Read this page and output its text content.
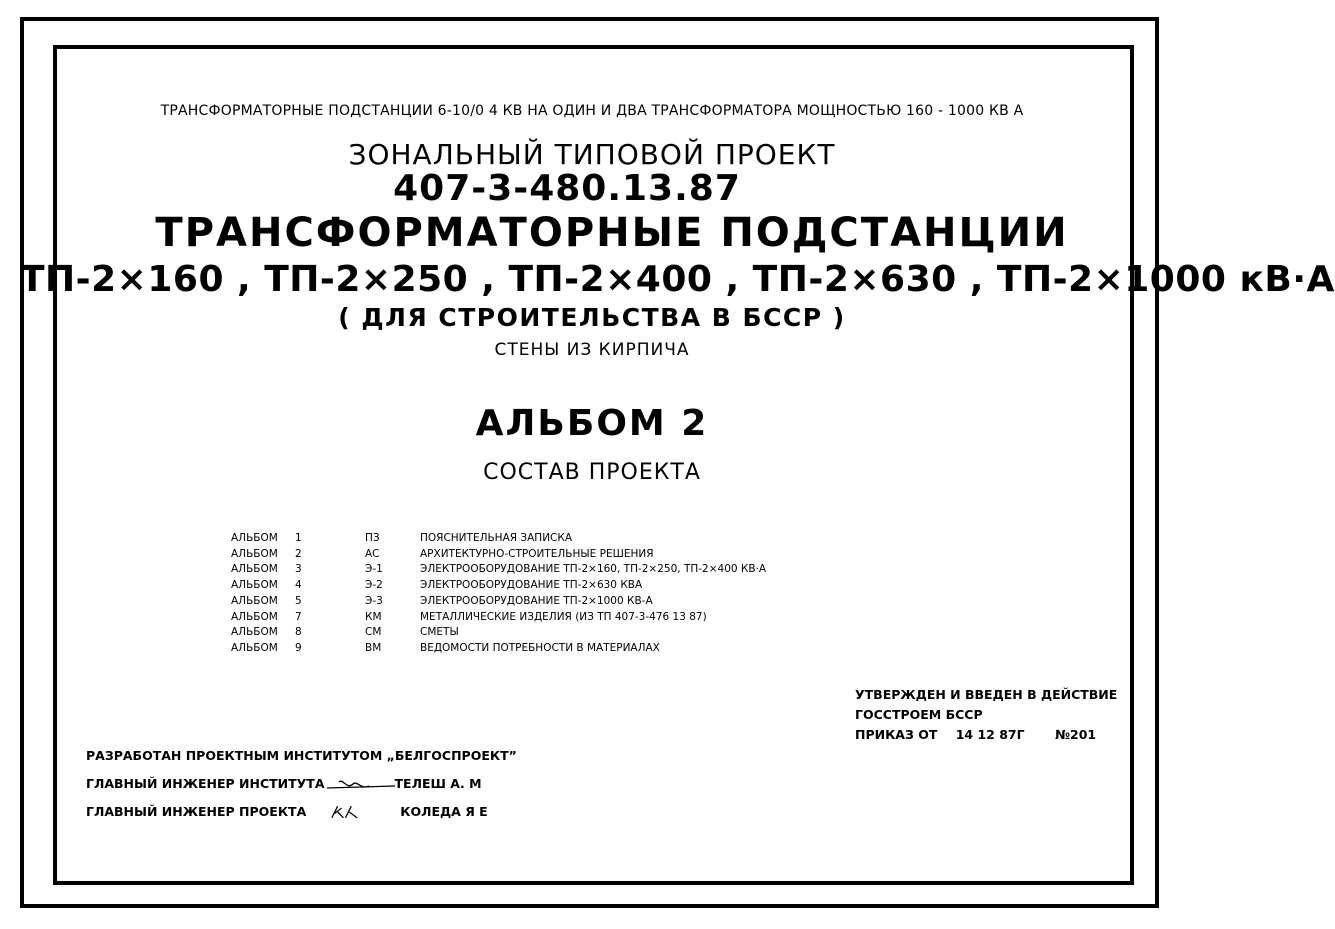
ТРАНСФОРМАТОРНЫЕ ПОДСТАНЦИИ 6-10/0 4 КВ НА ОДИН И ДВА ТРАНСФОРМАТОРА МОЩНОСТЬЮ 160 - 1000 КВ А
ЗОНАЛЬНЫЙ ТИПОВОЙ ПРОЕКТ
407-3-480.13.87
ТРАНСФОРМАТОРНЫЕ ПОДСТАНЦИИ
ТП-2×160 , ТП-2×250 , ТП-2×400 , ТП-2×630 , ТП-2×1000 кВ·А
( ДЛЯ СТРОИТЕЛЬСТВА В БССР )
СТЕНЫ ИЗ КИРПИЧА
АЛЬБОМ 2
СОСТАВ ПРОЕКТА
АЛЬБОМ	1	ПЗ	ПОЯСНИТЕЛЬНАЯ ЗАПИСКА
АЛЬБОМ	2	АС	АРХИТЕКТУРНО-СТРОИТЕЛЬНЫЕ РЕШЕНИЯ
АЛЬБОМ	3	Э-1	ЭЛЕКТРООБОРУДОВАНИЕ ТП-2×160, ТП-2×250, ТП-2×400 КВ·А
АЛЬБОМ	4	Э-2	ЭЛЕКТРООБОРУДОВАНИЕ ТП-2×630 КВА
АЛЬБОМ	5	Э-3	ЭЛЕКТРООБОРУДОВАНИЕ ТП-2×1000 КВ-А
АЛЬБОМ	7	КМ	МЕТАЛЛИЧЕСКИЕ ИЗДЕЛИЯ (ИЗ ТП 407-3-476 13 87)
АЛЬБОМ	8	СМ	СМЕТЫ
АЛЬБОМ	9	ВМ	ВЕДОМОСТИ ПОТРЕБНОСТИ В МАТЕРИАЛАХ
УТВЕРЖДЕН И ВВЕДЕН В ДЕЙСТВИЕ
ГОССТРОЕМ БССР
ПРИКАЗ ОТ 14 12 87Г №201
РАЗРАБОТАН ПРОЕКТНЫМ ИНСТИТУТОМ „БЕЛГОСПРОЕКТ”
ГЛАВНЫЙ ИНЖЕНЕР ИНСТИТУТА	ТЕЛЕШ А. М
ГЛАВНЫЙ ИНЖЕНЕР ПРОЕКТА	КОЛЕДА Я Е
